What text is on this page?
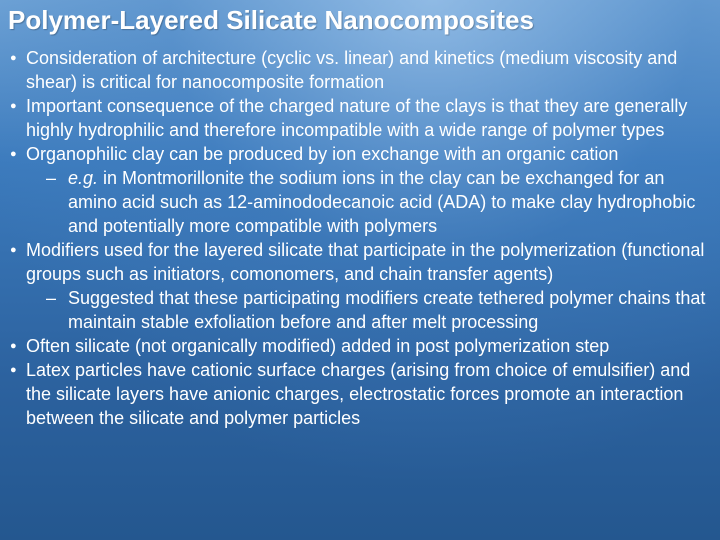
Polymer-Layered Silicate Nanocomposites
● Consideration of architecture (cyclic vs. linear) and kinetics (medium viscosity and shear) is critical for nanocomposite formation
● Important consequence of the charged nature of the clays is that they are generally highly hydrophilic and therefore incompatible with a wide range of polymer types
● Organophilic clay can be produced by ion exchange with an organic cation
– e.g. in Montmorillonite the sodium ions in the clay can be exchanged for an amino acid such as 12-aminododecanoic acid (ADA) to make clay hydrophobic and potentially more compatible with polymers
● Modifiers used for the layered silicate that participate in the polymerization (functional groups such as initiators, comonomers, and chain transfer agents)
– Suggested that these participating modifiers create tethered polymer chains that maintain stable exfoliation before and after melt processing
● Often silicate (not organically modified) added in post polymerization step
● Latex particles have cationic surface charges (arising from choice of emulsifier) and the silicate layers have anionic charges, electrostatic forces promote an interaction between the silicate and polymer particles
